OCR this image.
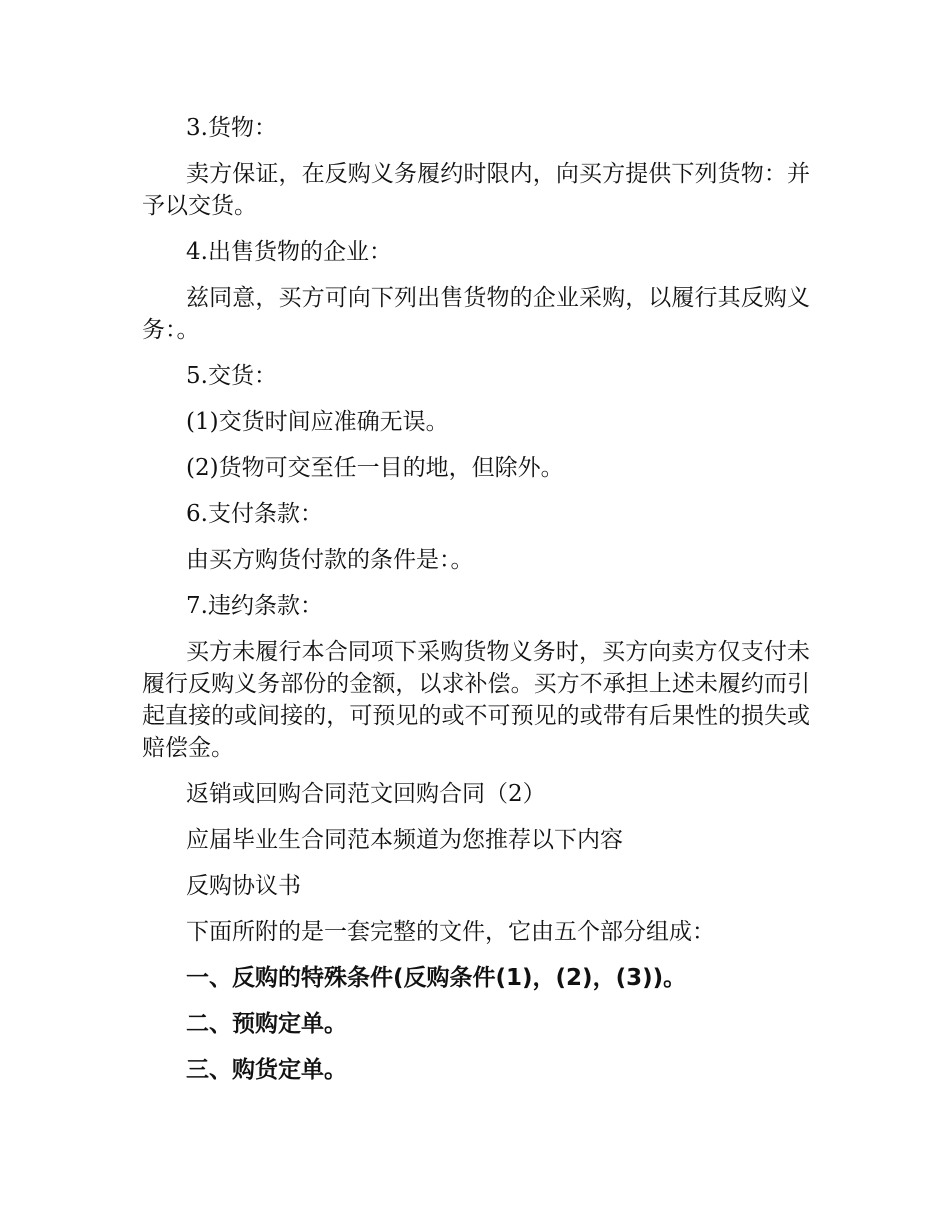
3.货物：

卖方保证，在反购义务履约时限内，向买方提供下列货物：并予以交货。

4.出售货物的企业：

兹同意，买方可向下列出售货物的企业采购，以履行其反购义务：。

5.交货：

(1)交货时间应准确无误。

(2)货物可交至任一目的地，但除外。

6.支付条款：

由买方购货付款的条件是：。

7.违约条款：

买方未履行本合同项下采购货物义务时，买方向卖方仅支付未履行反购义务部份的金额，以求补偿。买方不承担上述未履约而引起直接的或间接的，可预见的或不可预见的或带有后果性的损失或赔偿金。

返销或回购合同范文回购合同（2）

应届毕业生合同范本频道为您推荐以下内容

反购协议书

下面所附的是一套完整的文件，它由五个部分组成：

一、反购的特殊条件(反购条件(1)，(2)，(3))。

二、预购定单。

三、购货定单。
